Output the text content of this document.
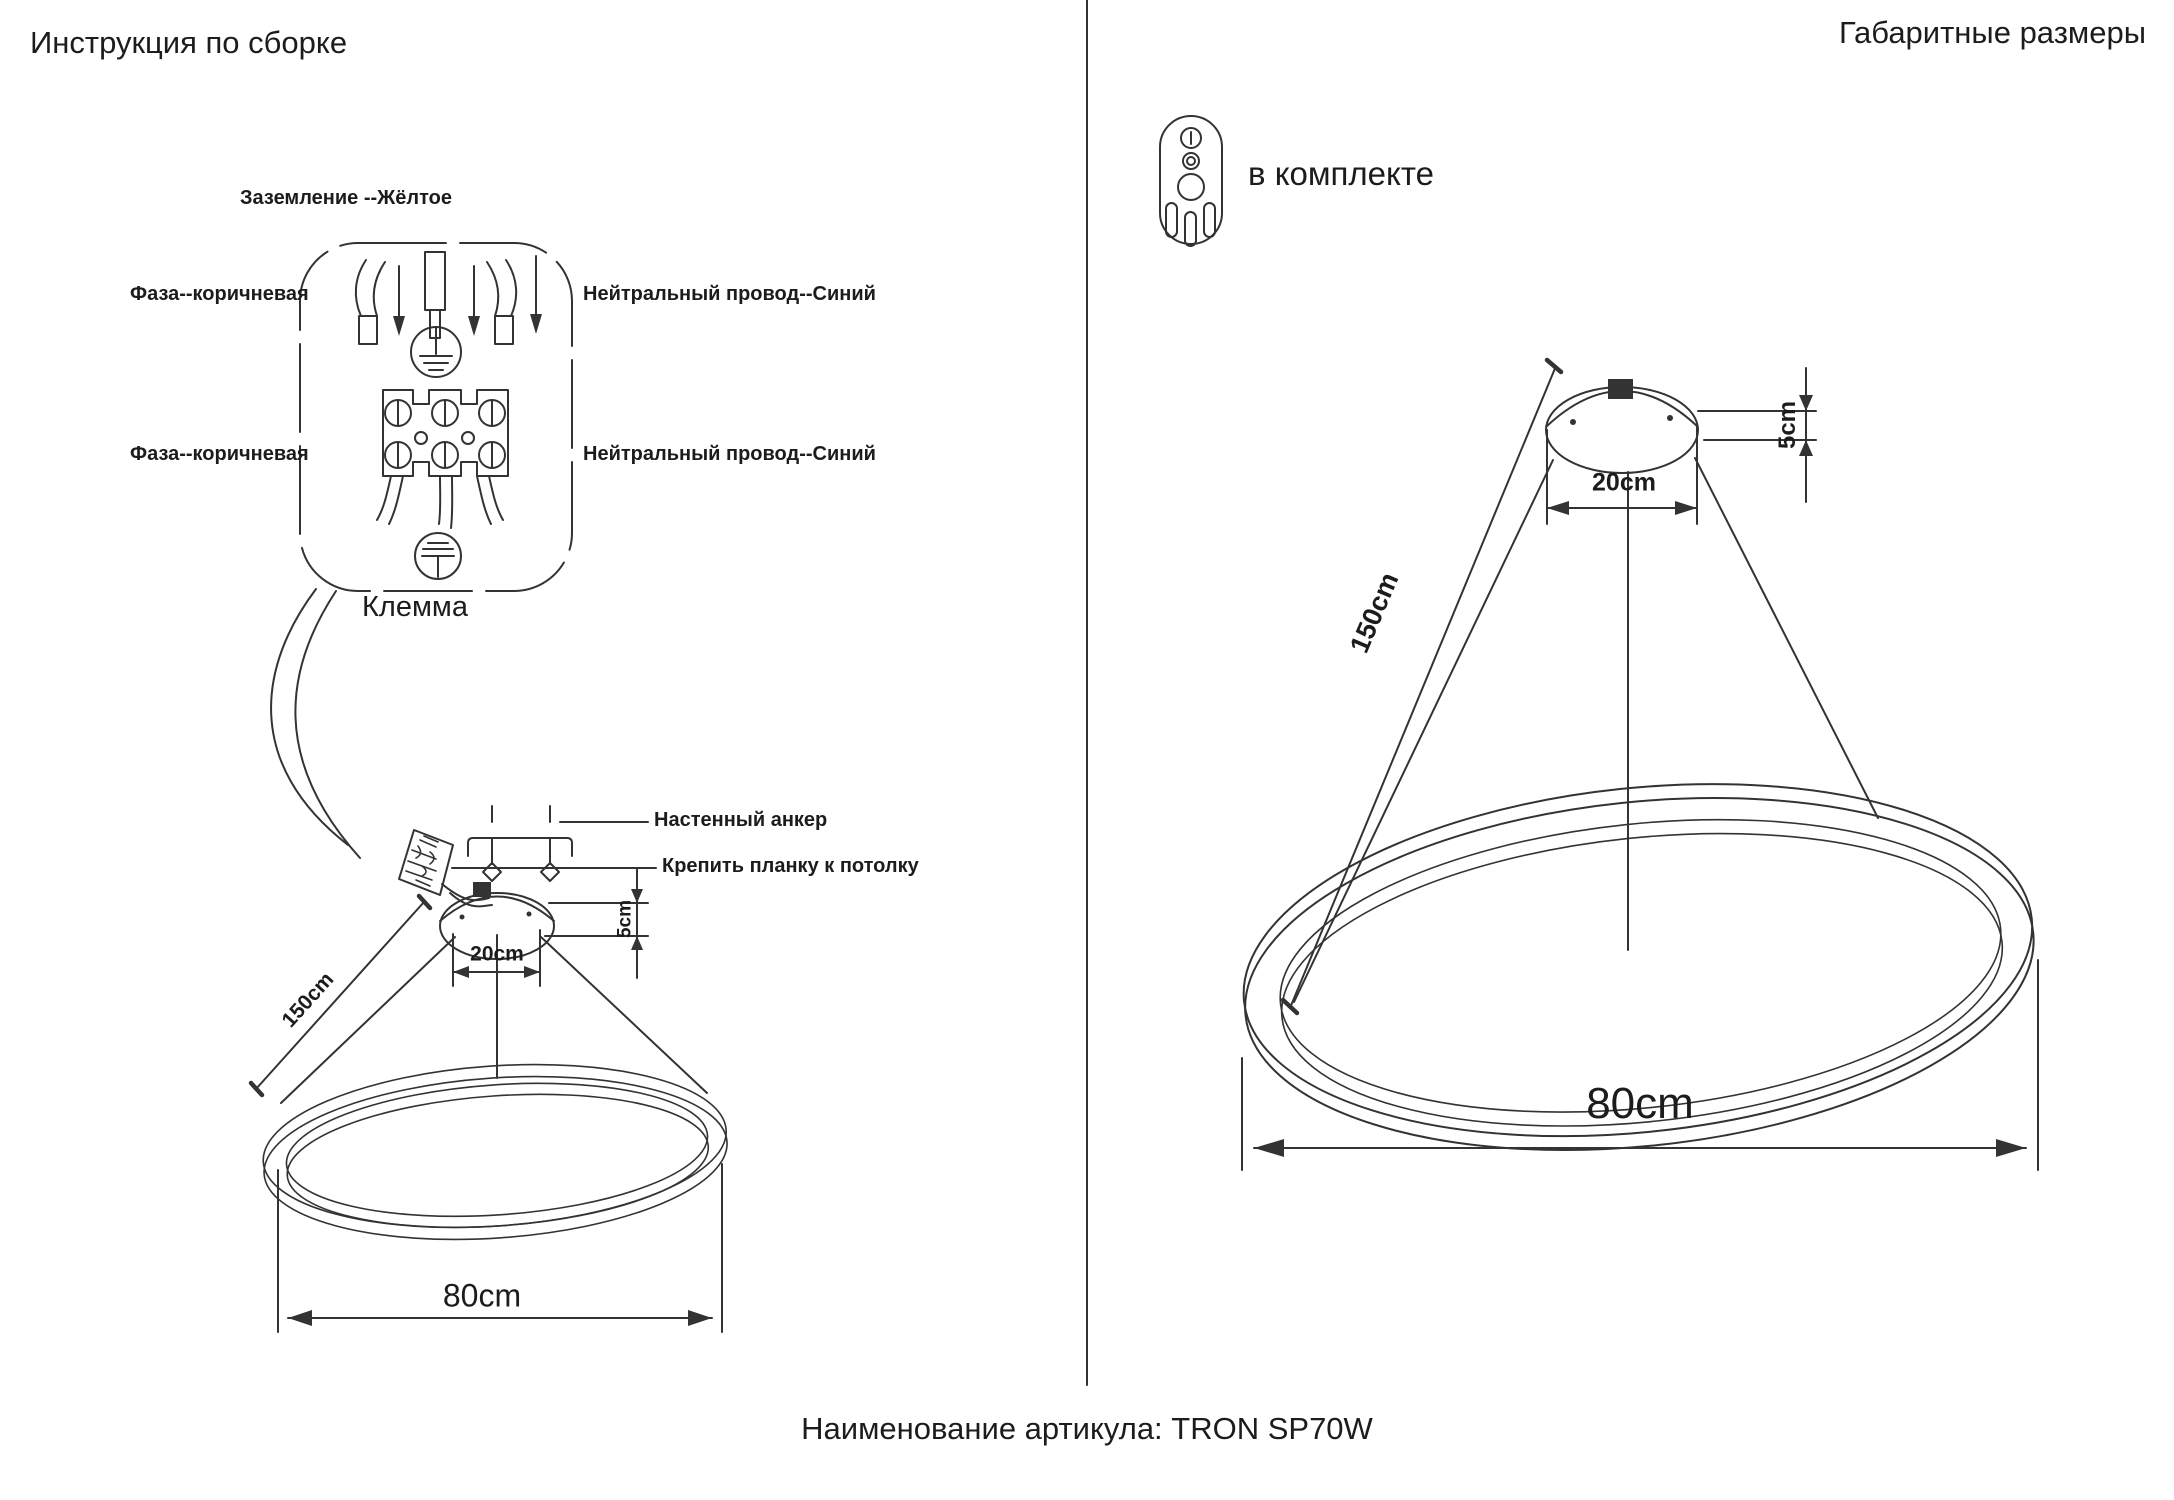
Инструкция по сборке	Габаритные размеры
Заземление --Жёлтое
Фаза--коричневая	Нейтральный провод--Синий
Фаза--коричневая	Нейтральный провод--Синий
Клемма
Настенный анкер
Крепить планку к потолку
20cm
5cm
150cm
80cm
в комплекте
20cm
5cm
150cm
80cm
Наименование артикула: TRON SP70W
